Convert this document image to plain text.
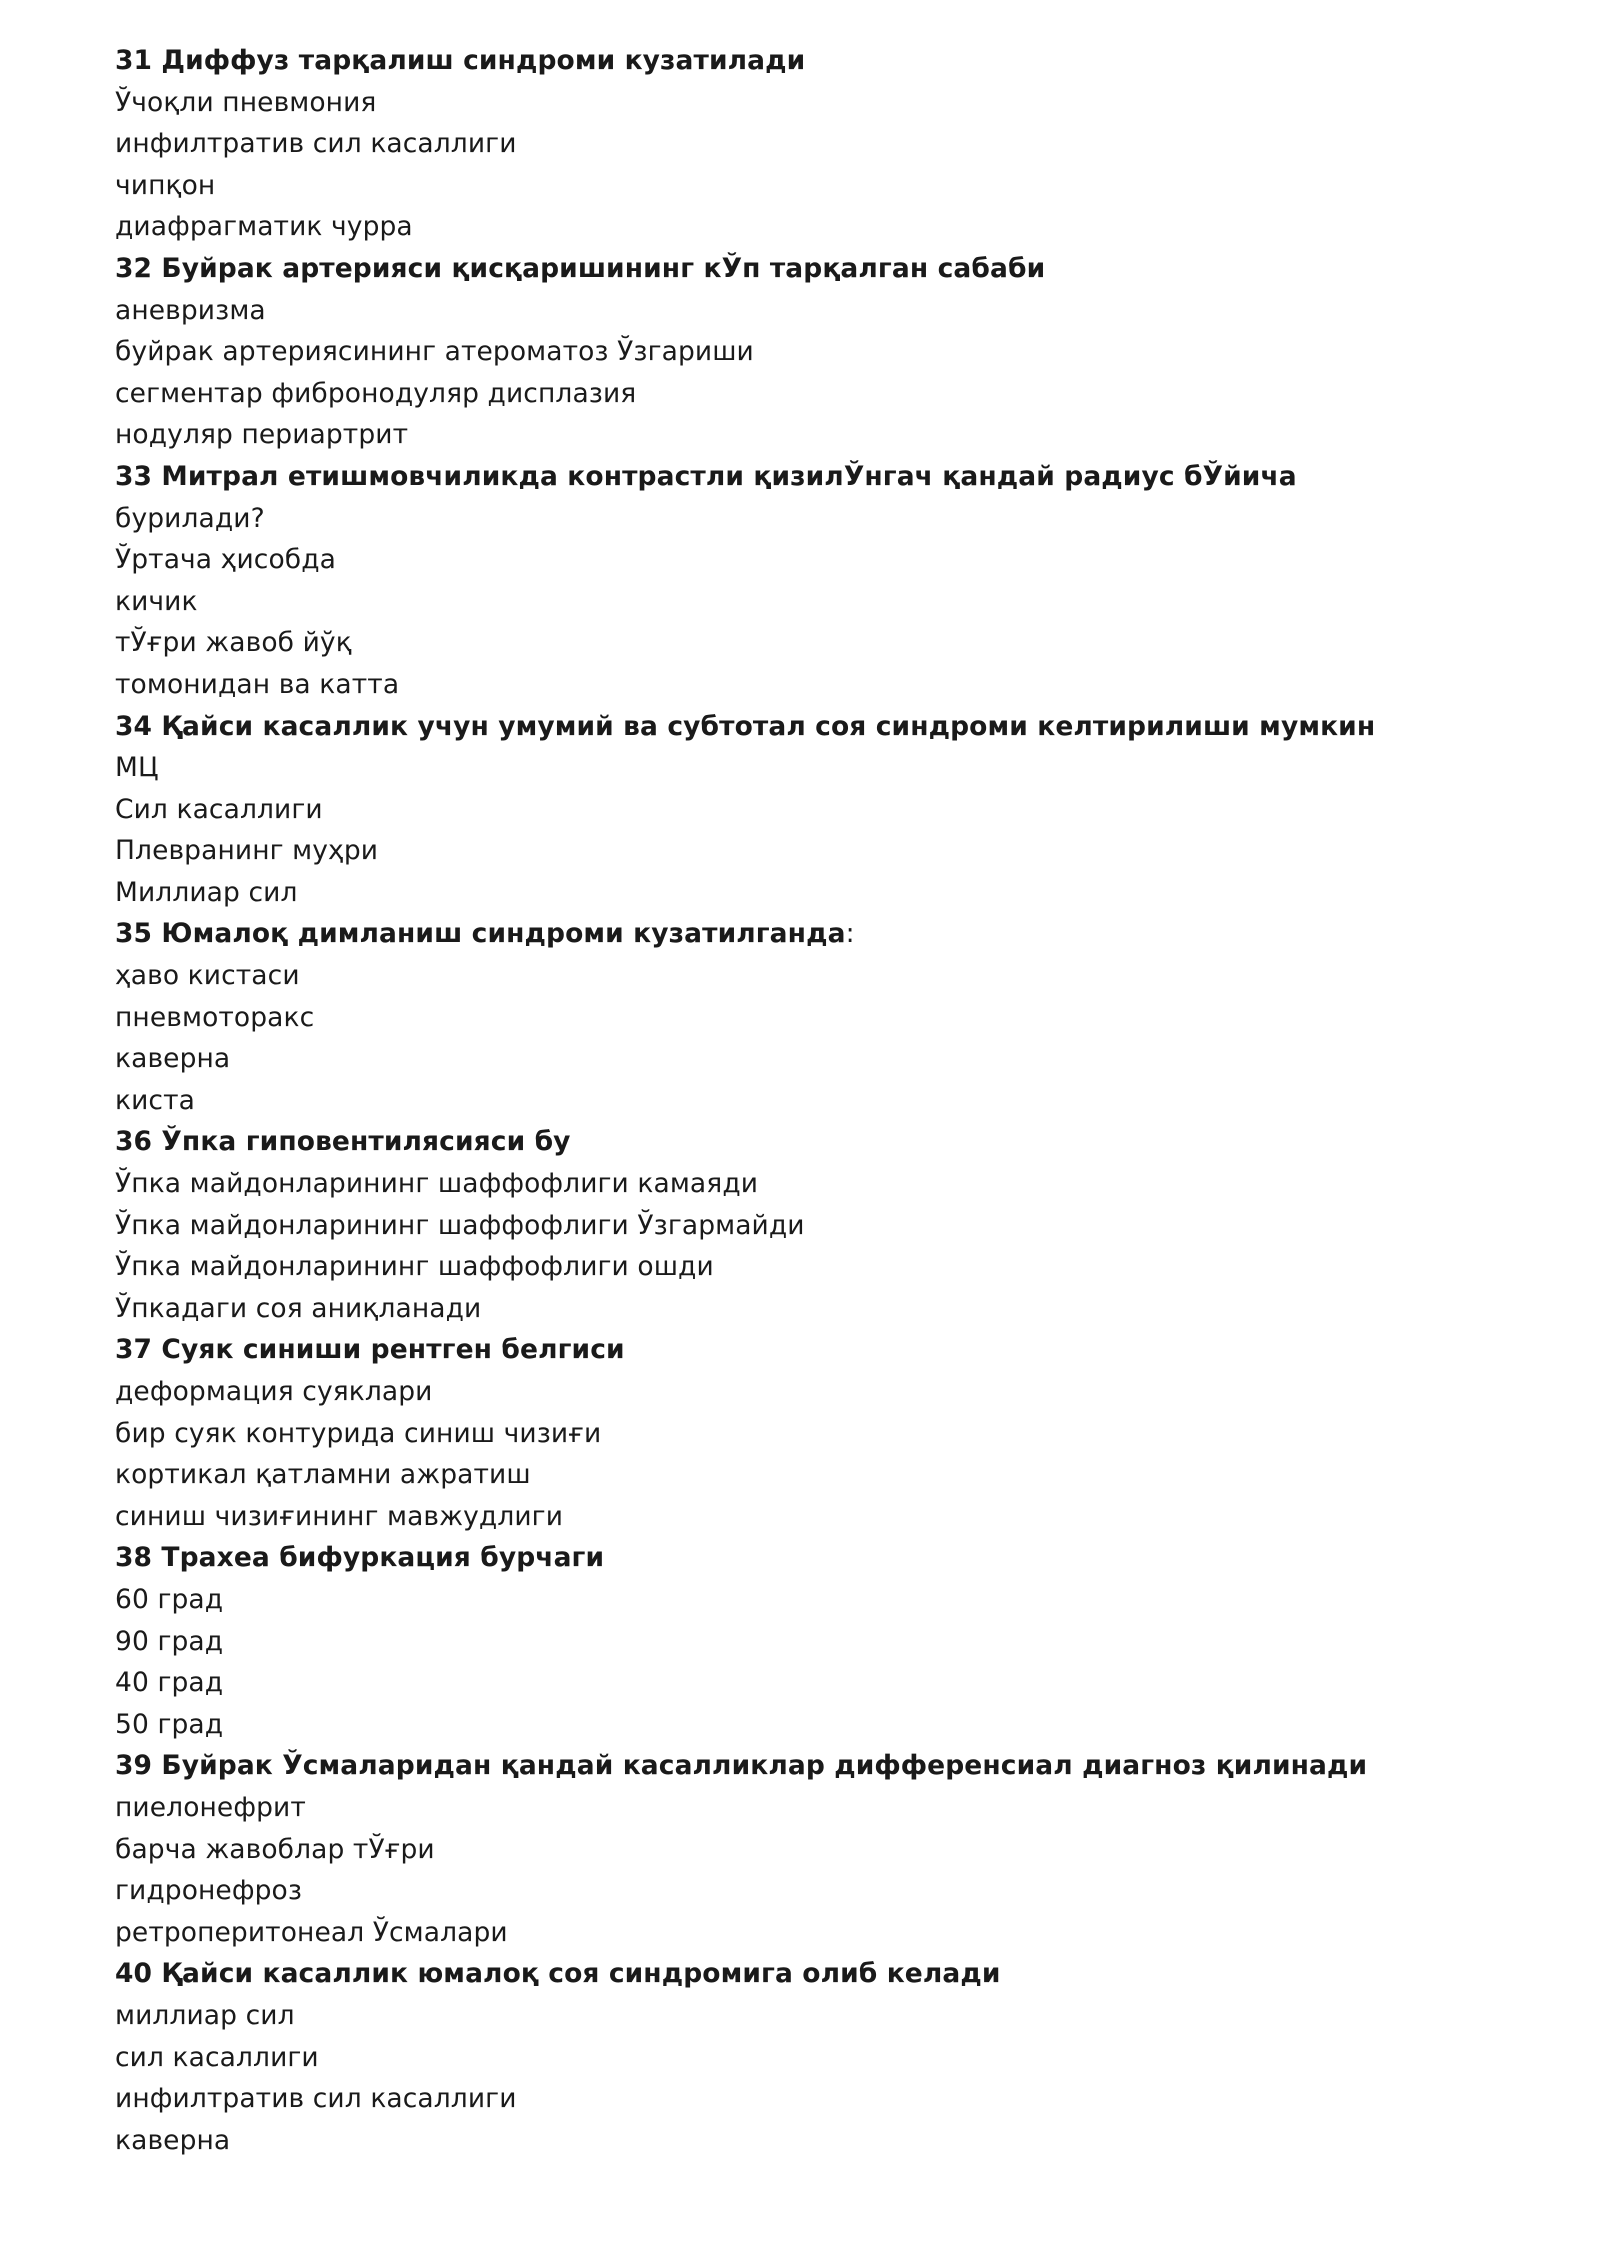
31 Диффуз тарқалиш синдроми кузатилади
Ўчоқли пневмония
инфилтратив сил касаллиги
чипқон
диафрагматик чурра
32 Буйрак артерияси қисқаришининг кЎп тарқалган сабаби
аневризма
буйрак артериясининг атероматоз Ўзгариши
сегментар фибронодуляр дисплазия
нодуляр периартрит
33 Митрал етишмовчиликда контрастли қизилЎнгач қандай радиус бЎйича
бурилади?
Ўртача ҳисобда
кичик
тЎғри жавоб йўқ
томонидан ва катта
34 Қайси касаллик учун умумий ва субтотал соя синдроми келтирилиши мумкин
МЦ
Сил касаллиги
Плевранинг муҳри
Миллиар сил
35 Юмалоқ димланиш синдроми кузатилганда:
ҳаво кистаси
пневмоторакс
каверна
киста
36 Ўпка гиповентилясияси бу
Ўпка майдонларининг шаффофлиги камаяди
Ўпка майдонларининг шаффофлиги Ўзгармайди
Ўпка майдонларининг шаффофлиги ошди
Ўпкадаги соя аниқланади
37 Суяк синиши рентген белгиси
деформация суяклари
бир суяк контурида синиш чизиғи
кортикал қатламни ажратиш
синиш чизиғининг мавжудлиги
38 Трахеа бифуркация бурчаги
60 град
90 град
40 град
50 град
39 Буйрак Ўсмаларидан қандай касалликлар дифференсиал диагноз қилинади
пиелонефрит
барча жавоблар тЎғри
гидронефроз
ретроперитонеал Ўсмалари
40 Қайси касаллик юмалоқ соя синдромига олиб келади
миллиар сил
сил касаллиги
инфилтратив сил касаллиги
каверна
